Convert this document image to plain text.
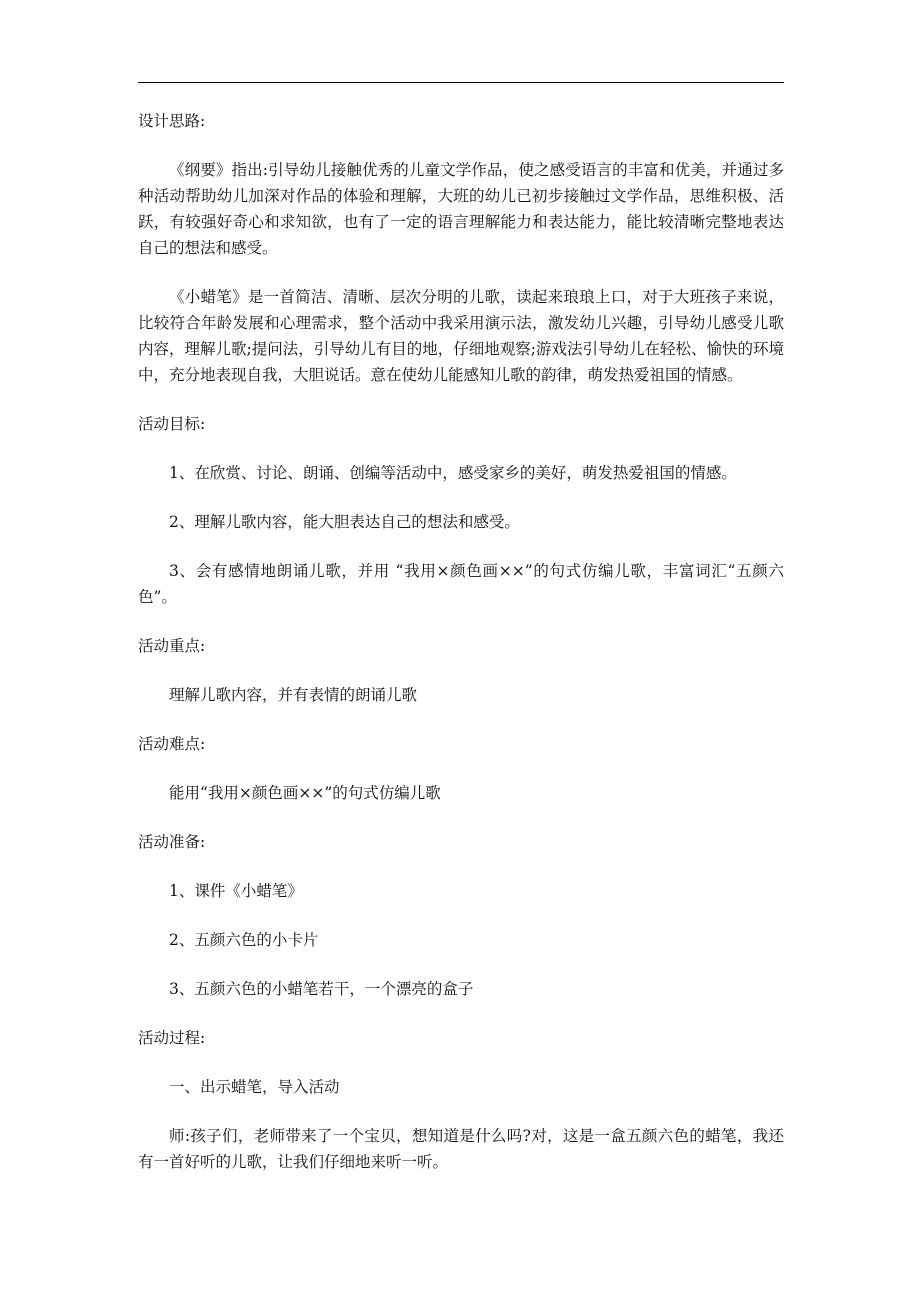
设计思路:

《纲要》指出:引导幼儿接触优秀的儿童文学作品，使之感受语言的丰富和优美，并通过多种活动帮助幼儿加深对作品的体验和理解，大班的幼儿已初步接触过文学作品，思维积极、活跃，有较强好奇心和求知欲，也有了一定的语言理解能力和表达能力，能比较清晰完整地表达自己的想法和感受。

《小蜡笔》是一首简洁、清晰、层次分明的儿歌，读起来琅琅上口，对于大班孩子来说，比较符合年龄发展和心理需求，整个活动中我采用演示法，激发幼儿兴趣，引导幼儿感受儿歌内容，理解儿歌;提问法，引导幼儿有目的地，仔细地观察;游戏法引导幼儿在轻松、愉快的环境中，充分地表现自我，大胆说话。意在使幼儿能感知儿歌的韵律，萌发热爱祖国的情感。

活动目标:

1、在欣赏、讨论、朗诵、创编等活动中，感受家乡的美好，萌发热爱祖国的情感。

2、理解儿歌内容，能大胆表达自己的想法和感受。

3、会有感情地朗诵儿歌，并用 “我用×颜色画××”的句式仿编儿歌，丰富词汇“五颜六色”。

活动重点:

理解儿歌内容，并有表情的朗诵儿歌

活动难点:

能用“我用×颜色画××”的句式仿编儿歌

活动准备:

1、课件《小蜡笔》

2、五颜六色的小卡片

3、五颜六色的小蜡笔若干，一个漂亮的盒子

活动过程:

一、出示蜡笔，导入活动

师:孩子们，老师带来了一个宝贝，想知道是什么吗?对，这是一盒五颜六色的蜡笔，我还有一首好听的儿歌，让我们仔细地来听一听。
